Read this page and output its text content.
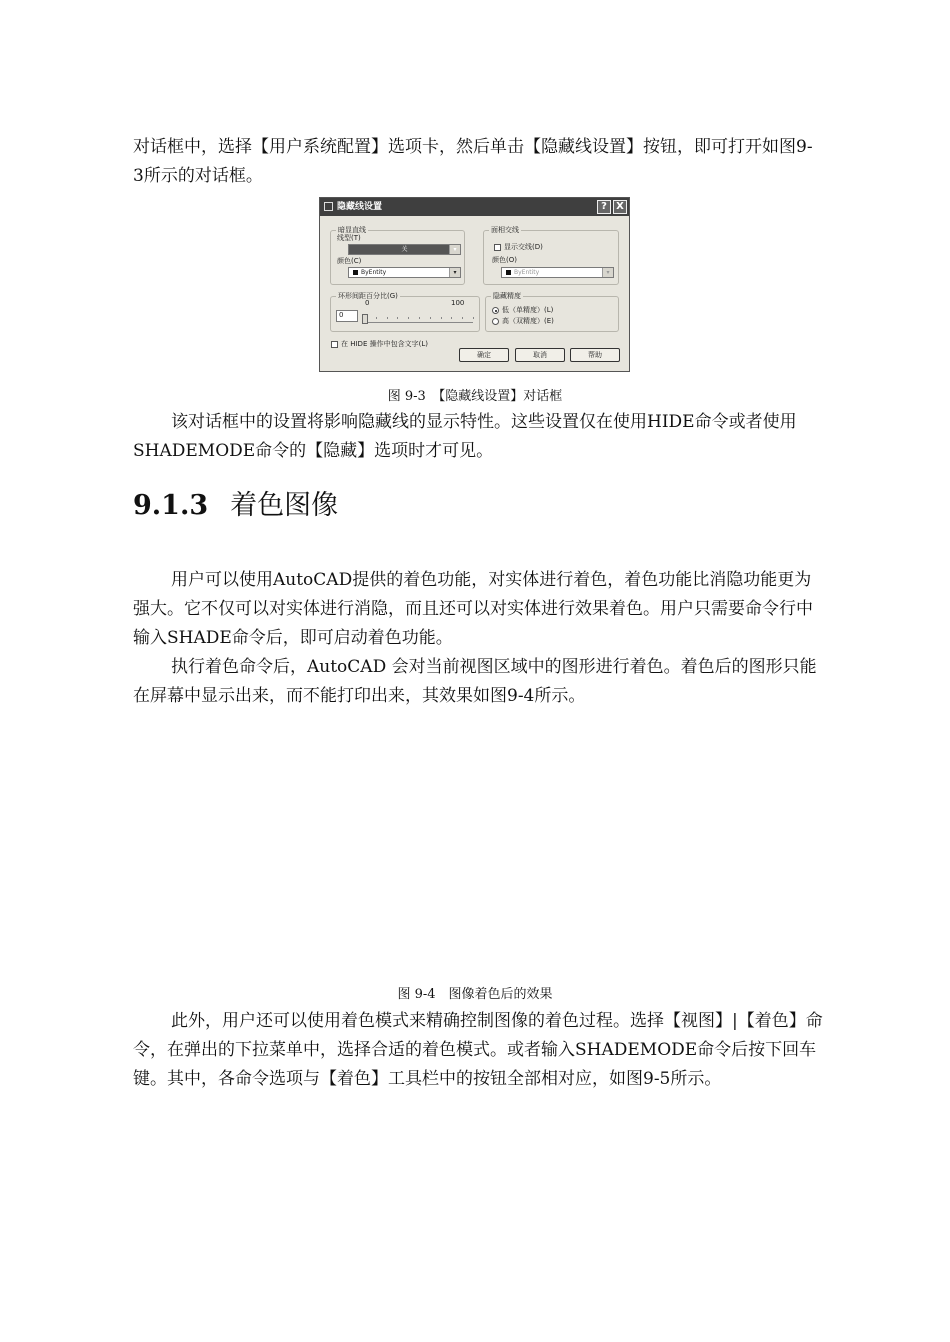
对话框中，选择【用户系统配置】选项卡，然后单击【隐藏线设置】按钮，即可打开如图9-3所示的对话框。

隐藏线设置	? X
暗显直线
线型(T)
关	▾
颜色(C)
ByEntity	▾
面相交线
显示交线(D)
颜色(O)
ByEntity	▾
环形间距百分比(G)
0	100
0
隐藏精度
低（单精度）(L)
高（双精度）(E)
在 HIDE 操作中包含文字(L)
确定	取消	帮助
图 9-3　【隐藏线设置】对话框

该对话框中的设置将影响隐藏线的显示特性。这些设置仅在使用HIDE命令或者使用SHADEMODE命令的【隐藏】选项时才可见。

9.1.3 着色图像

用户可以使用AutoCAD提供的着色功能，对实体进行着色，着色功能比消隐功能更为强大。它不仅可以对实体进行消隐，而且还可以对实体进行效果着色。用户只需要命令行中输入SHADE命令后，即可启动着色功能。

执行着色命令后，AutoCAD 会对当前视图区域中的图形进行着色。着色后的图形只能在屏幕中显示出来，而不能打印出来，其效果如图9-4所示。

图 9-4　图像着色后的效果

此外，用户还可以使用着色模式来精确控制图像的着色过程。选择【视图】|【着色】命令，在弹出的下拉菜单中，选择合适的着色模式。或者输入SHADEMODE命令后按下回车键。其中，各命令选项与【着色】工具栏中的按钮全部相对应，如图9-5所示。
